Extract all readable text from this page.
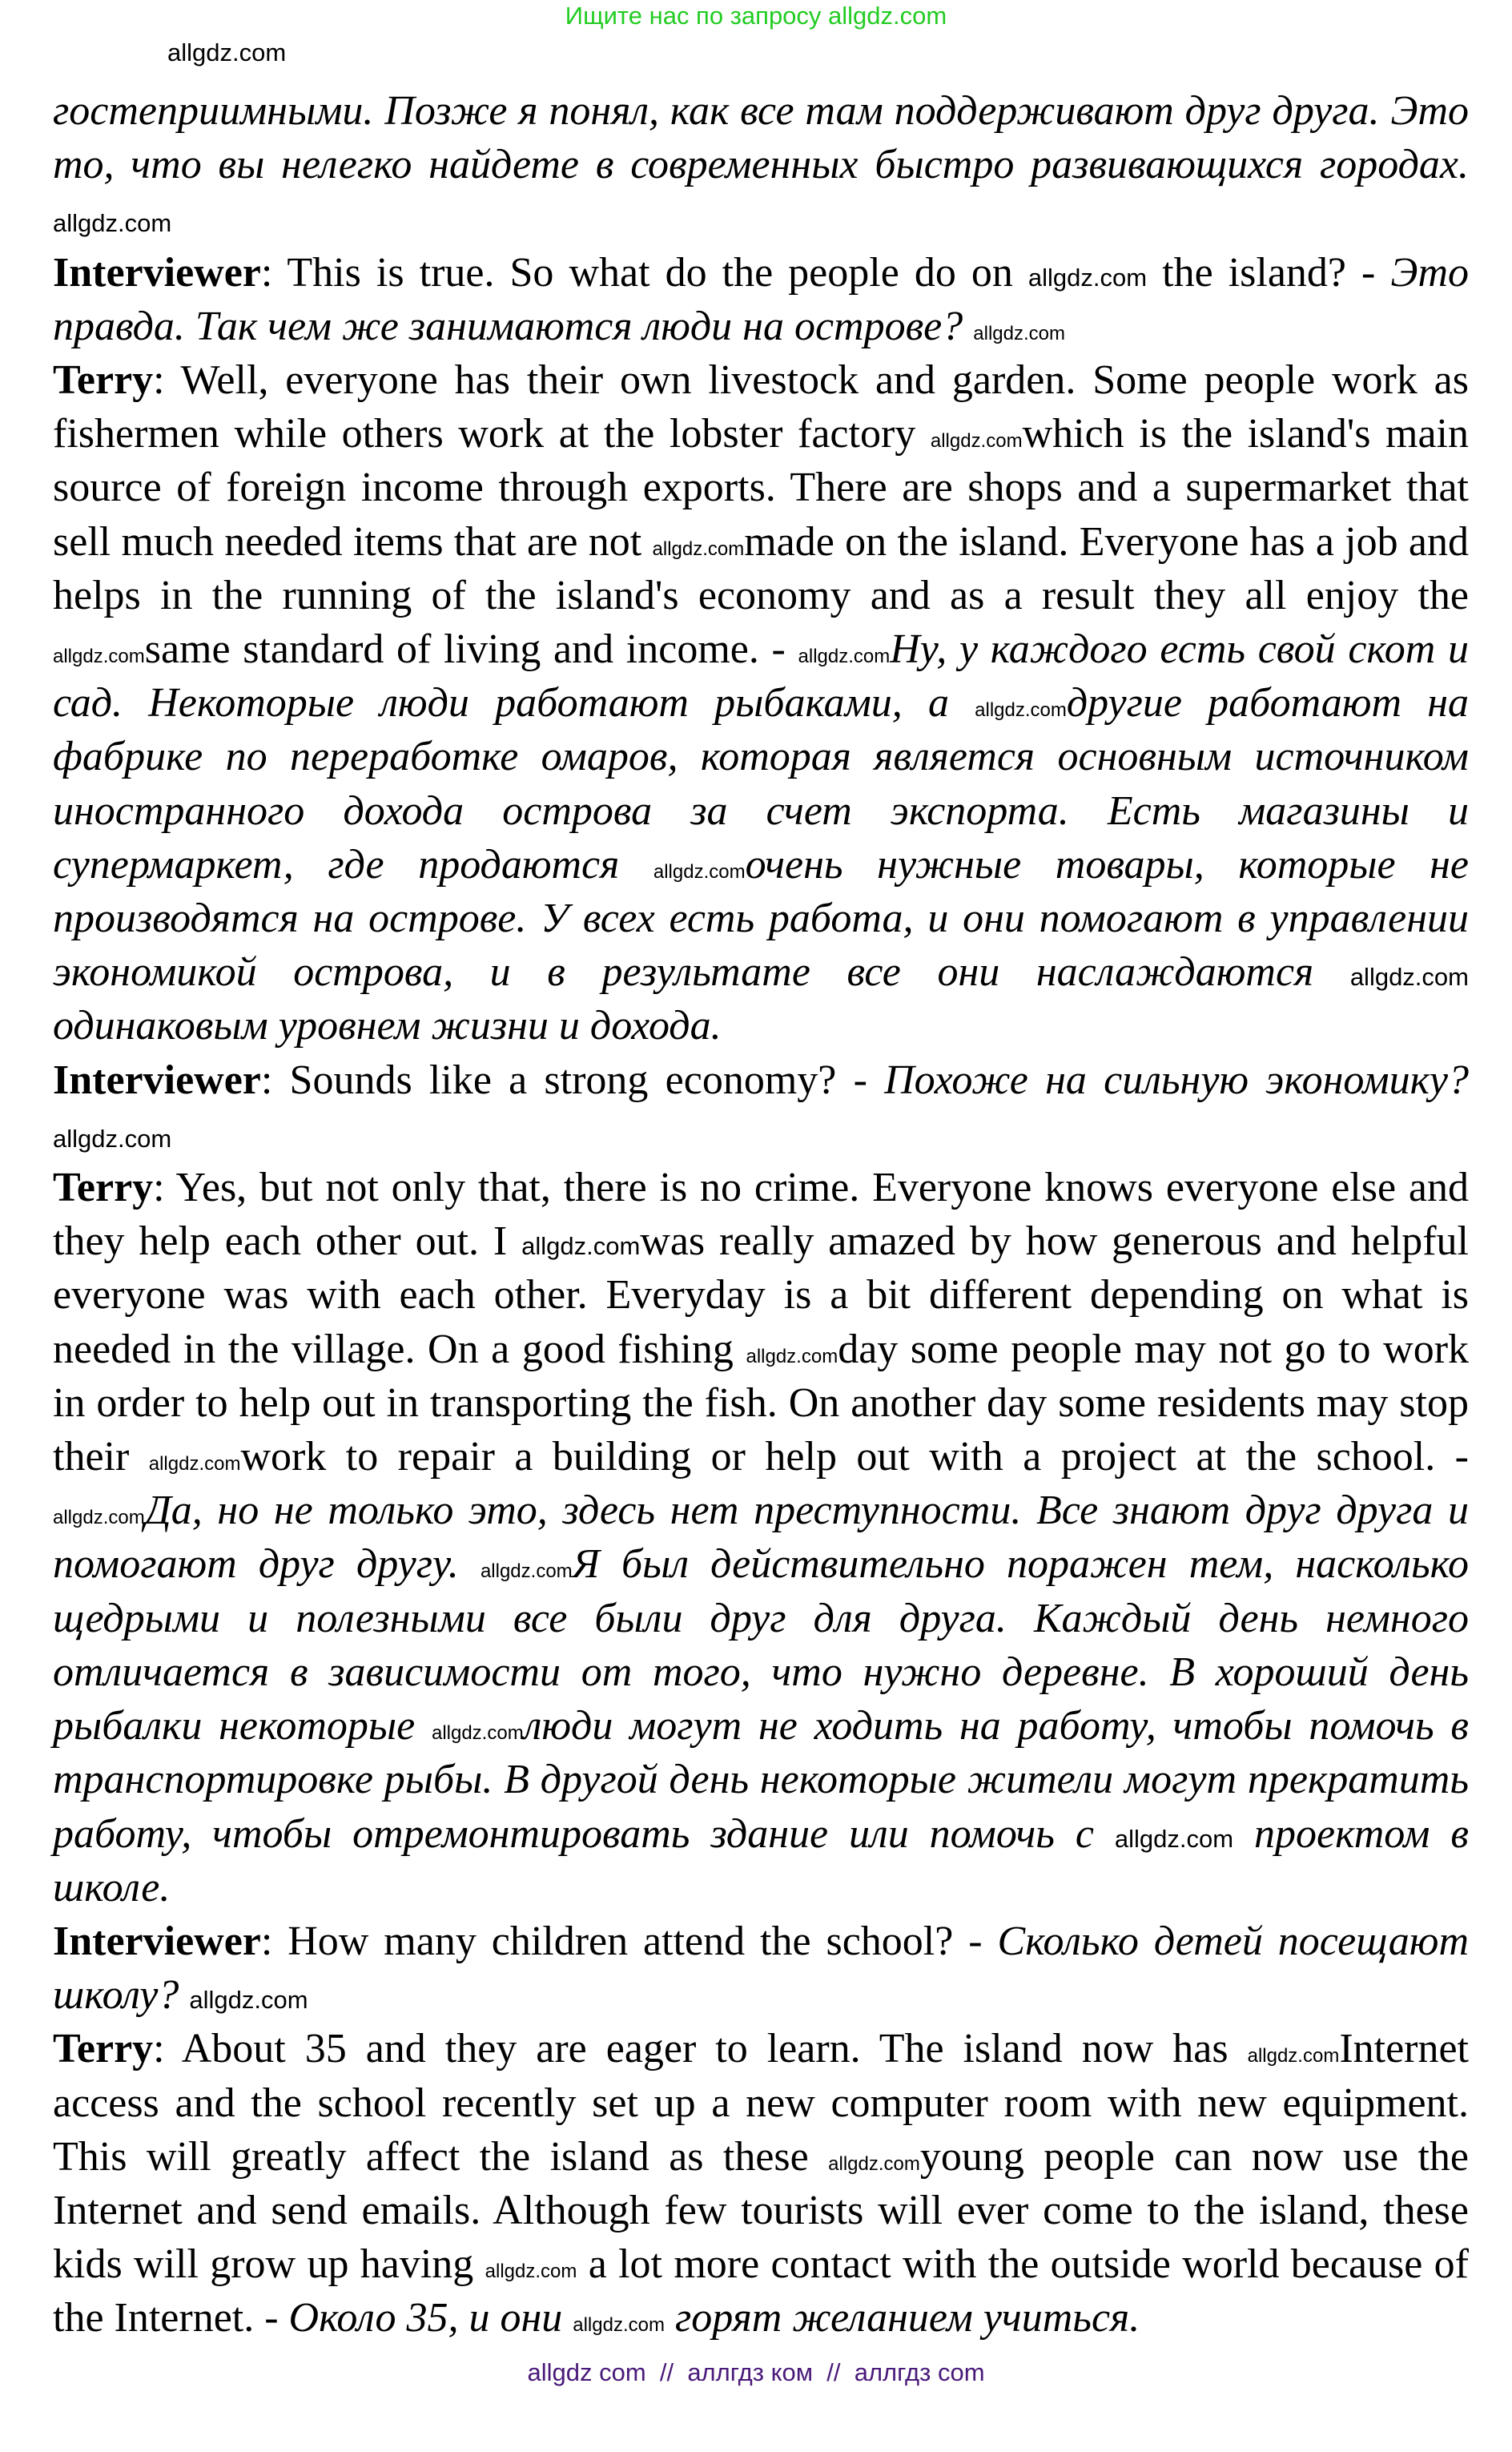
Ищите нас по запросу allgdz.com
allgdz.com

гостеприимными. Позже я понял, как все там поддерживают друг друга. Это то, что вы нелегко найдете в современных быстро развивающихся городах. allgdz.com

Interviewer: This is true. So what do the people do on allgdz.com the island? - Это правда. Так чем же занимаются люди на острове? allgdz.com

Terry: Well, everyone has their own livestock and garden. Some people work as fishermen while others work at the lobster factory allgdz.comwhich is the island's main source of foreign income through exports. There are shops and a supermarket that sell much needed items that are not allgdz.commade on the island. Everyone has a job and helps in the running of the island's economy and as a result they all enjoy the allgdz.comsame standard of living and income. - allgdz.comНу, у каждого есть свой скот и сад. Некоторые люди работают рыбаками, а allgdz.comдругие работают на фабрике по переработке омаров, которая является основным источником иностранного дохода острова за счет экспорта. Есть магазины и супермаркет, где продаются allgdz.comочень нужные товары, которые не производятся на острове. У всех есть работа, и они помогают в управлении экономикой острова, и в результате все они наслаждаются allgdz.com одинаковым уровнем жизни и дохода.

Interviewer: Sounds like a strong economy? - Похоже на сильную экономику? allgdz.com

Terry: Yes, but not only that, there is no crime. Everyone knows everyone else and they help each other out. I allgdz.comwas really amazed by how generous and helpful everyone was with each other. Everyday is a bit different depending on what is needed in the village. On a good fishing allgdz.comday some people may not go to work in order to help out in transporting the fish. On another day some residents may stop their allgdz.comwork to repair a building or help out with a project at the school. - allgdz.comДа, но не только это, здесь нет преступности. Все знают друг друга и помогают друг другу. allgdz.comЯ был действительно поражен тем, насколько щедрыми и полезными все были друг для друга. Каждый день немного отличается в зависимости от того, что нужно деревне. В хороший день рыбалки некоторые allgdz.comлюди могут не ходить на работу, чтобы помочь в транспортировке рыбы. В другой день некоторые жители могут прекратить работу, чтобы отремонтировать здание или помочь с allgdz.com проектом в школе.

Interviewer: How many children attend the school? - Сколько детей посещают школу? allgdz.com

Terry: About 35 and they are eager to learn. The island now has allgdz.comInternet access and the school recently set up a new computer room with new equipment. This will greatly affect the island as these allgdz.comyoung people can now use the Internet and send emails. Although few tourists will ever come to the island, these kids will grow up having allgdz.com a lot more contact with the outside world because of the Internet. - Около 35, и они allgdz.com горят желанием учиться.

allgdz com  //  аллгдз ком  //  аллгдз com
